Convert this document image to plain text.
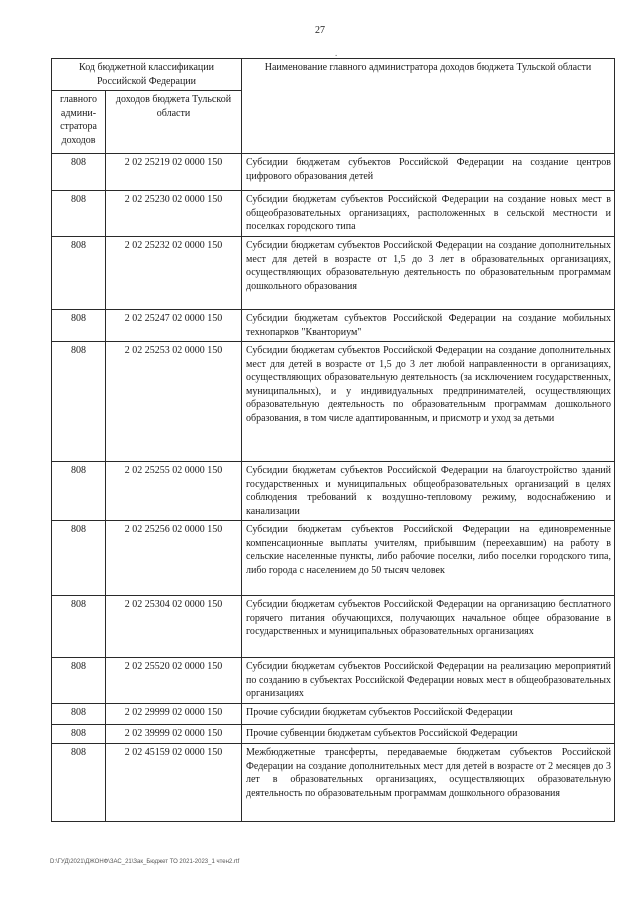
27
.
Код бюджетной классификации Российской Федерации		Наименование главного администратора доходов бюджета Тульской области
главного админи-стратора доходов	доходов бюджета Тульской области	
808	2 02 25219 02 0000 150	Субсидии бюджетам субъектов Российской Федерации на создание центров цифрового образования детей
808	2 02 25230 02 0000 150	Субсидии бюджетам субъектов Российской Федерации на создание новых мест в общеобразовательных организациях, расположенных в сельской местности и поселках городского типа
808	2 02 25232 02 0000 150	Субсидии бюджетам субъектов Российской Федерации на создание дополнительных мест для детей в возрасте от 1,5 до 3 лет в образовательных организациях, осуществляющих образовательную деятельность по образовательным программам дошкольного образования
808	2 02 25247 02 0000 150	Субсидии бюджетам субъектов Российской Федерации на создание мобильных технопарков "Кванториум"
808	2 02 25253 02 0000 150	Субсидии бюджетам субъектов Российской Федерации на создание дополнительных мест для детей в возрасте от 1,5 до 3 лет любой направленности в организациях, осуществляющих образовательную деятельность (за исключением государственных, муниципальных), и у индивидуальных предпринимателей, осуществляющих образовательную деятельность по образовательным программам дошкольного образования, в том числе адаптированным, и присмотр и уход за детьми
808	2 02 25255 02 0000 150	Субсидии бюджетам субъектов Российской Федерации на благоустройство зданий государственных и муниципальных общеобразовательных организаций в целях соблюдения требований к воздушно-тепловому режиму, водоснабжению и канализации
808	2 02 25256 02 0000 150	Субсидии бюджетам субъектов Российской Федерации на единовременные компенсационные выплаты учителям, прибывшим (переехавшим) на работу в сельские населенные пункты, либо рабочие поселки, либо поселки городского типа, либо города с населением до 50 тысяч человек
808	2 02 25304 02 0000 150	Субсидии бюджетам субъектов Российской Федерации на организацию бесплатного горячего питания обучающихся, получающих начальное общее образование в государственных и муниципальных образовательных организациях
808	2 02 25520 02 0000 150	Субсидии бюджетам субъектов Российской Федерации на реализацию мероприятий по созданию в субъектах Российской Федерации новых мест в общеобразовательных организациях
808	2 02 29999 02 0000 150	Прочие субсидии бюджетам субъектов Российской Федерации
808	2 02 39999 02 0000 150	Прочие субвенции бюджетам субъектов Российской Федерации
808	2 02 45159 02 0000 150	Межбюджетные трансферты, передаваемые бюджетам субъектов Российской Федерации на создание дополнительных мест для детей в возрасте от 2 месяцев до 3 лет в образовательных организациях, осуществляющих образовательную деятельность по образовательным программам дошкольного образования
D:\ГУД\2021\ДЖОНФ\ЗАС_21\Зак_Бюджет ТО 2021-2023_1 чтен2.rtf
